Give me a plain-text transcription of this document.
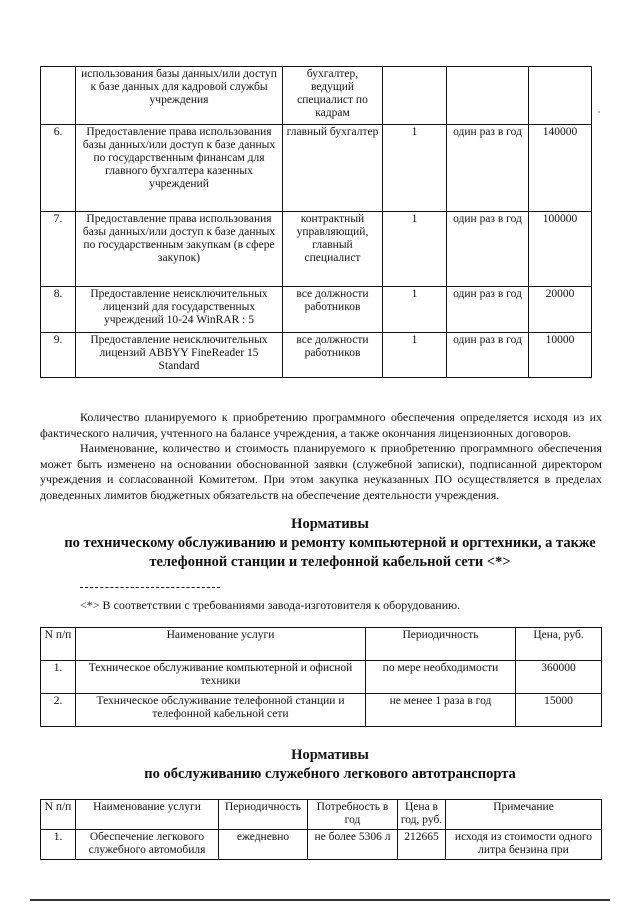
	использования базы данных/или доступ к базе данных для кадровой службы учреждения	бухгалтер, ведущий специалист по кадрам			
6.	Предоставление права использования базы данных/или доступ к базе данных по государственным финансам для главного бухгалтера казенных учреждений	главный бухгалтер	1	один раз в год	140000
7.	Предоставление права использования базы данных/или доступ к базе данных по государственным закупкам (в сфере закупок)	контрактный управляющий, главный специалист	1	один раз в год	100000
8.	Предоставление неисключительных лицензий для государственных учреждений 10-24 WinRAR : 5	все должности работников	1	один раз в год	20000
9.	Предоставление неисключительных лицензий ABBYY FineReader 15 Standard	все должности работников	1	один раз в год	10000

Количество планируемого к приобретению программного обеспечения определяется исходя из их фактического наличия, учтенного на балансе учреждения, а также окончания лицензионных договоров.

Наименование, количество и стоимость планируемого к приобретению программного обеспечения может быть изменено на основании обоснованной заявки (служебной записки), подписанной директором учреждения и согласованной Комитетом. При этом закупка неуказанных ПО осуществляется в пределах доведенных лимитов бюджетных обязательств на обеспечение деятельности учреждения.

Нормативы
по техническому обслуживанию и ремонту компьютерной и оргтехники, а также
телефонной станции и телефонной кабельной сети <*>
<*> В соответствии с требованиями завода-изготовителя к оборудованию.
N п/п	Наименование услуги	Периодичность	Цена, руб.
1.	Техническое обслуживание компьютерной и офисной техники	по мере необходимости	360000
2.	Техническое обслуживание телефонной станции и телефонной кабельной сети	не менее 1 раза в год	15000
Нормативы
по обслуживанию служебного легкового автотранспорта
N п/п	Наименование услуги	Периодичность	Потребность в год	Цена в год, руб.	Примечание
1.	Обеспечение легкового служебного автомобиля	ежедневно	не более 5306 л	212665	исходя из стоимости одного литра бензина при
